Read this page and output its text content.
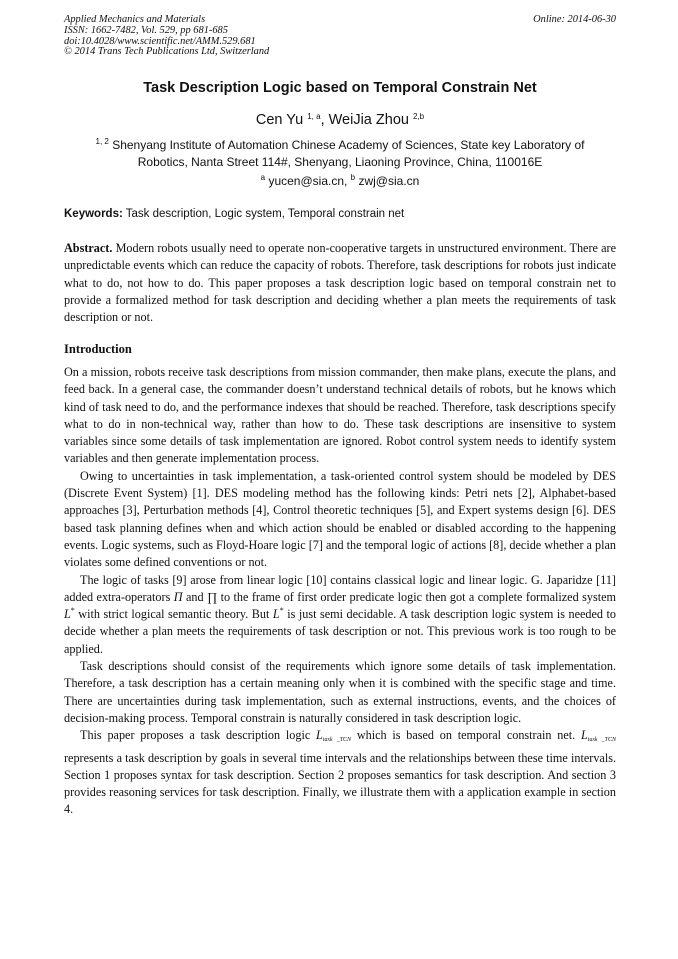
Applied Mechanics and Materials
ISSN: 1662-7482, Vol. 529, pp 681-685
doi:10.4028/www.scientific.net/AMM.529.681
© 2014 Trans Tech Publications Ltd, Switzerland
Online: 2014-06-30
Task Description Logic based on Temporal Constrain Net
Cen Yu $^{1, a}$, WeiJia Zhou $^{2,b}$
$^{1, 2}$ Shenyang Institute of Automation Chinese Academy of Sciences, State key Laboratory of
Robotics, Nanta Street 114#, Shenyang, Liaoning Province, China, 110016E
$^a$ yucen@sia.cn, $^b$ zwj@sia.cn
Keywords: Task description, Logic system, Temporal constrain net
Abstract. Modern robots usually need to operate non-cooperative targets in unstructured environment. There are unpredictable events which can reduce the capacity of robots. Therefore, task descriptions for robots just indicate what to do, not how to do. This paper proposes a task description logic based on temporal constrain net to provide a formalized method for task description and deciding whether a plan meets the requirements of task description or not.
Introduction

On a mission, robots receive task descriptions from mission commander, then make plans, execute the plans, and feed back. In a general case, the commander doesn’t understand technical details of robots, but he knows which kind of task need to do, and the performance indexes that should be reached. Therefore, task descriptions specify what to do in non-technical way, rather than how to do. These task descriptions are insensitive to system variables since some details of task implementation are ignored. Robot control system needs to identify system variables and then generate implementation process.

Owing to uncertainties in task implementation, a task-oriented control system should be modeled by DES (Discrete Event System) [1]. DES modeling method has the following kinds: Petri nets [2], Alphabet-based approaches [3], Perturbation methods [4], Control theoretic techniques [5], and Expert systems design [6]. DES based task planning defines when and which action should be enabled or disabled according to the happening events. Logic systems, such as Floyd-Hoare logic [7] and the temporal logic of actions [8], decide whether a plan violates some defined conventions or not.

The logic of tasks [9] arose from linear logic [10] contains classical logic and linear logic. G. Japaridze [11] added extra-operators Π and ∏ to the frame of first order predicate logic then got a complete formalized system L* with strict logical semantic theory. But L* is just semi decidable. A task description logic system is needed to decide whether a plan meets the requirements of task description or not. This previous work is too rough to be applied.

Task descriptions should consist of the requirements which ignore some details of task implementation. Therefore, a task description has a certain meaning only when it is combined with the specific stage and time. There are uncertainties during task implementation, such as external instructions, events, and the choices of decision-making process. Temporal constrain is naturally considered in task description logic.

This paper proposes a task description logic $L_{task \_TCN}$ which is based on temporal constrain net. $L_{task \_TCN}$ represents a task description by goals in several time intervals and the relationships between these time intervals. Section 1 proposes syntax for task description. Section 2 proposes semantics for task description. And section 3 provides reasoning services for task description. Finally, we illustrate them with a application example in section 4.
